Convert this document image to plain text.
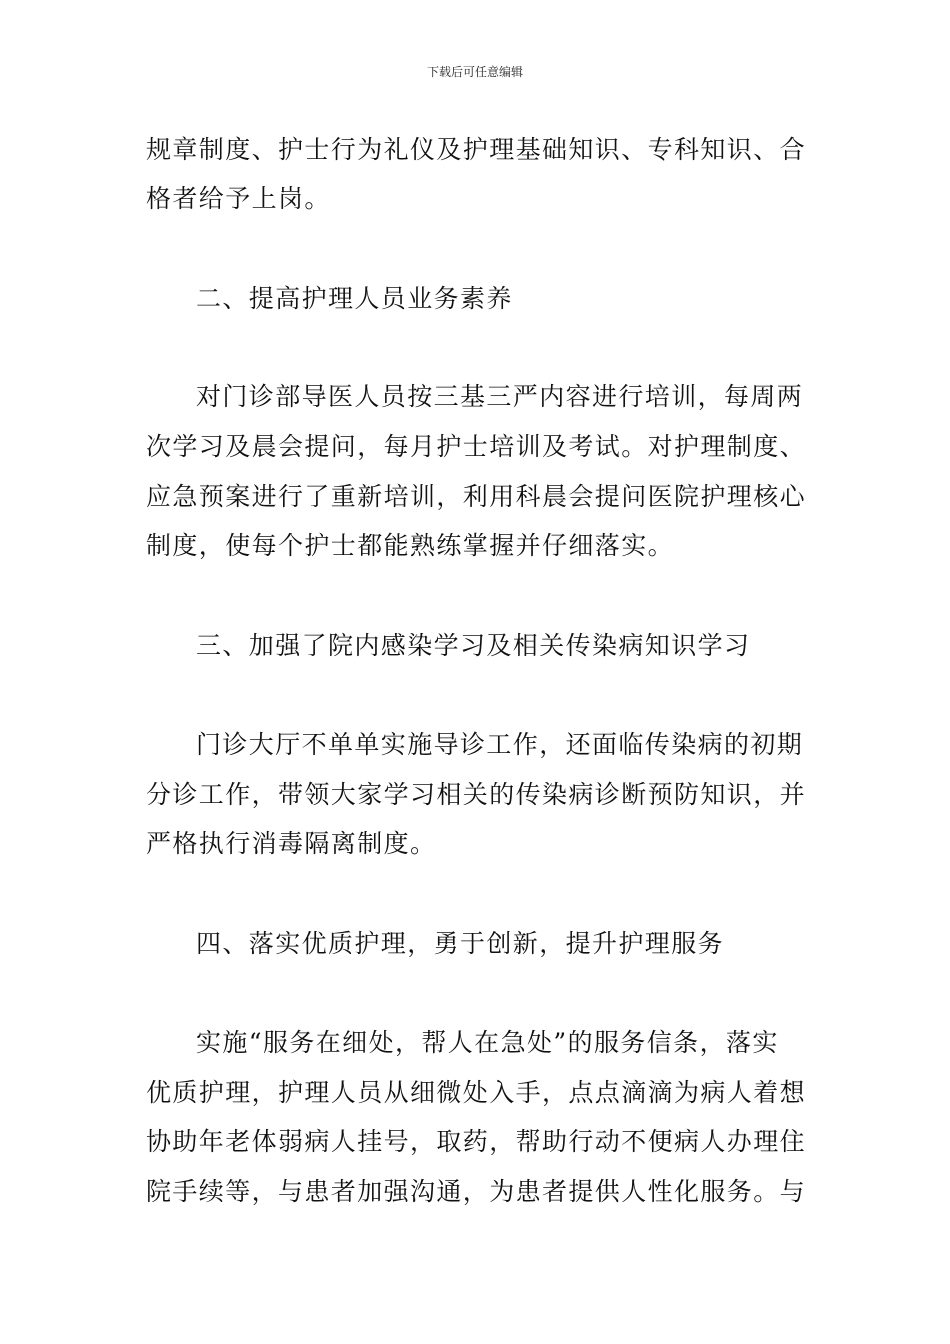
下载后可任意编辑
规章制度、护士行为礼仪及护理基础知识、专科知识、合
格者给予上岗。
二、提高护理人员业务素养
对门诊部导医人员按三基三严内容进行培训，每周两
次学习及晨会提问，每月护士培训及考试。对护理制度、
应急预案进行了重新培训，利用科晨会提问医院护理核心
制度，使每个护士都能熟练掌握并仔细落实。
三、加强了院内感染学习及相关传染病知识学习
门诊大厅不单单实施导诊工作，还面临传染病的初期
分诊工作，带领大家学习相关的传染病诊断预防知识，并
严格执行消毒隔离制度。
四、落实优质护理，勇于创新，提升护理服务
实施“服务在细处，帮人在急处”的服务信条，落实
优质护理，护理人员从细微处入手，点点滴滴为病人着想
协助年老体弱病人挂号，取药，帮助行动不便病人办理住
院手续等，与患者加强沟通，为患者提供人性化服务。与
